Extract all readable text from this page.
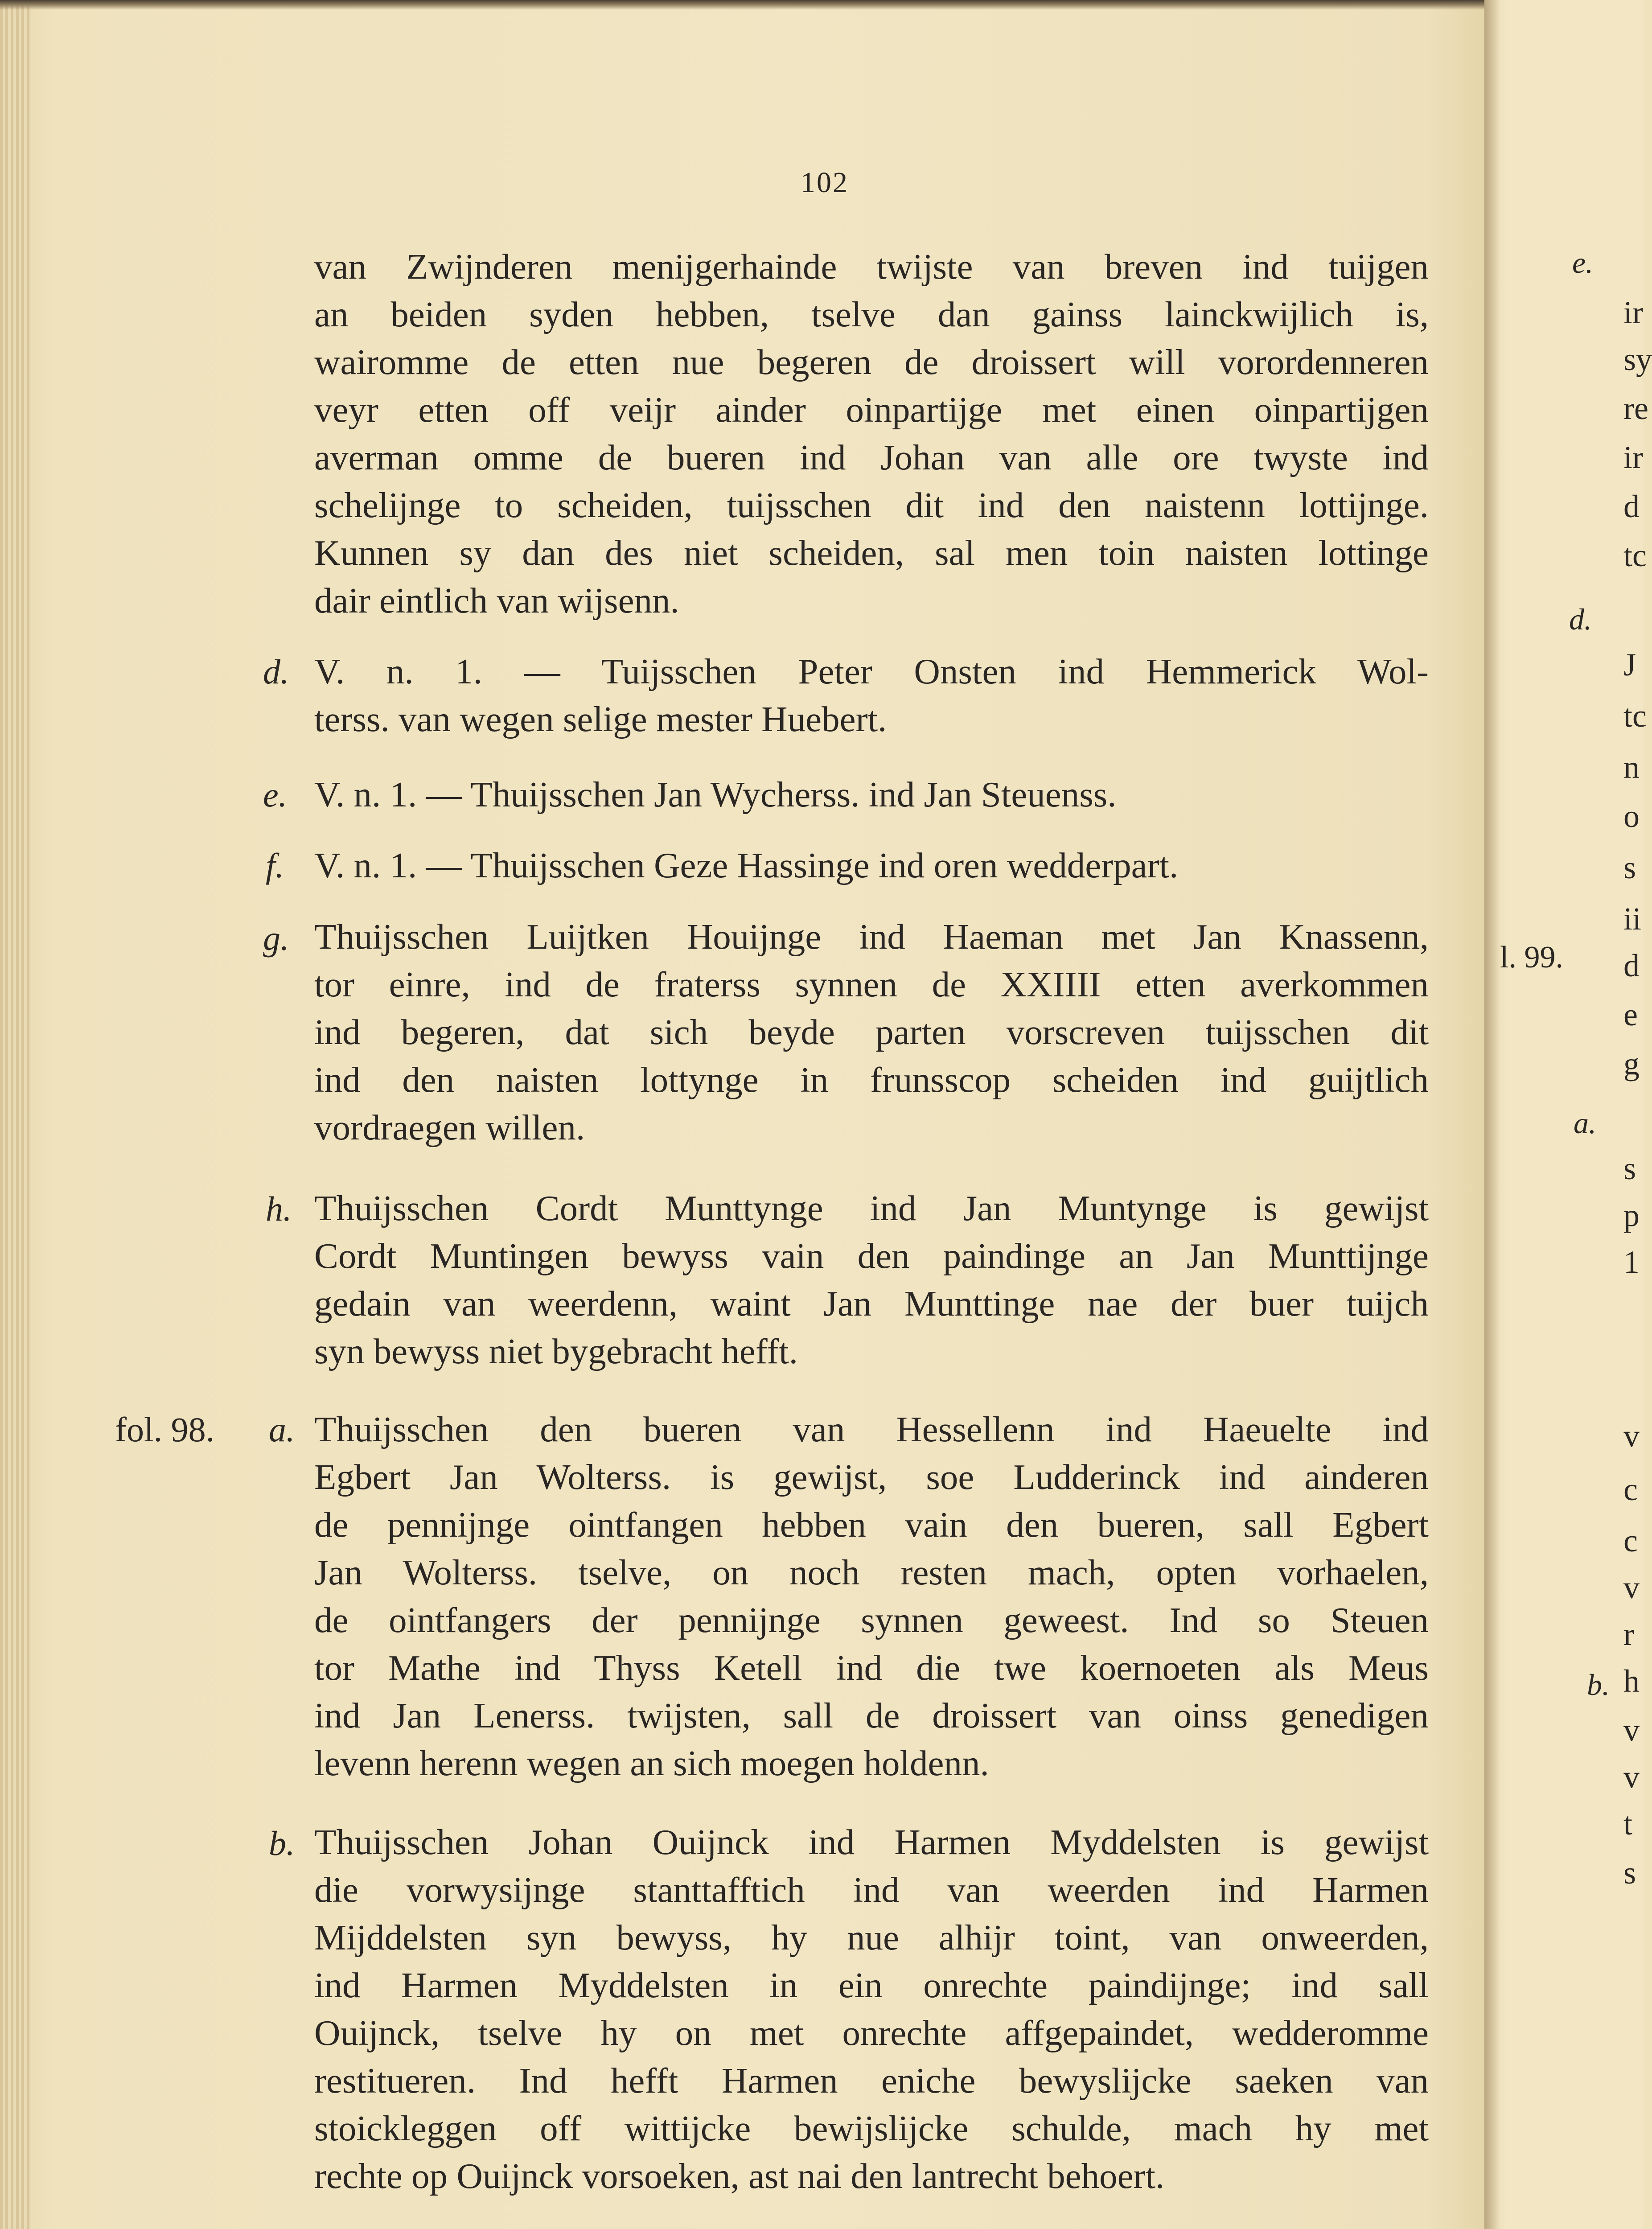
102
van Zwijnderen menijgerhainde twijste van breven ind tuijgen
an beiden syden hebben, tselve dan gainss lainckwijlich is,
wairomme de etten nue begeren de droissert will vorordenneren
veyr etten off veijr ainder oinpartijge met einen oinpartijgen
averman omme de bueren ind Johan van alle ore twyste ind
schelijnge to scheiden, tuijsschen dit ind den naistenn lottijnge.
Kunnen sy dan des niet scheiden, sal men toin naisten lottinge
dair eintlich van wijsenn.
d. V. n. 1. — Tuijsschen Peter Onsten ind Hemmerick Wol-
terss. van wegen selige mester Huebert.
e. V. n. 1. — Thuijsschen Jan Wycherss. ind Jan Steuenss.
f. V. n. 1. — Thuijsschen Geze Hassinge ind oren wedderpart.
g. Thuijsschen Luijtken Houijnge ind Haeman met Jan Knassenn,
tor einre, ind de fraterss synnen de XXIIII etten averkommen
ind begeren, dat sich beyde parten vorscreven tuijsschen dit
ind den naisten lottynge in frunsscop scheiden ind guijtlich
vordraegen willen.
h. Thuijsschen Cordt Munttynge ind Jan Muntynge is gewijst
Cordt Muntingen bewyss vain den paindinge an Jan Munttijnge
gedain van weerdenn, waint Jan Munttinge nae der buer tuijch
syn bewyss niet bygebracht hefft.
fol. 98. a. Thuijsschen den bueren van Hessellenn ind Haeuelte ind
Egbert Jan Wolterss. is gewijst, soe Ludderinck ind ainderen
de pennijnge ointfangen hebben vain den bueren, sall Egbert
Jan Wolterss. tselve, on noch resten mach, opten vorhaelen,
de ointfangers der pennijnge synnen geweest. Ind so Steuen
tor Mathe ind Thyss Ketell ind die twe koernoeten als Meus
ind Jan Lenerss. twijsten, sall de droissert van oinss genedigen
levenn herenn wegen an sich moegen holdenn.
b. Thuijsschen Johan Ouijnck ind Harmen Myddelsten is gewijst
die vorwysijnge stanttafftich ind van weerden ind Harmen
Mijddelsten syn bewyss, hy nue alhijr toint, van onweerden,
ind Harmen Myddelsten in ein onrechte paindijnge; ind sall
Ouijnck, tselve hy on met onrechte affgepaindet, wedderomme
restitueren. Ind hefft Harmen eniche bewyslijcke saeken van
stoickleggen off wittijcke bewijslijcke schulde, mach hy met
rechte op Ouijnck vorsoeken, ast nai den lantrecht behoert.
e.
d.
a.
b.
l. 99.
ir
sy
re
ir
d
tc
J
tc
n
o
s
ii
d
e
g
s
p
1
v
c
c
v
r
h
v
v
t
s
